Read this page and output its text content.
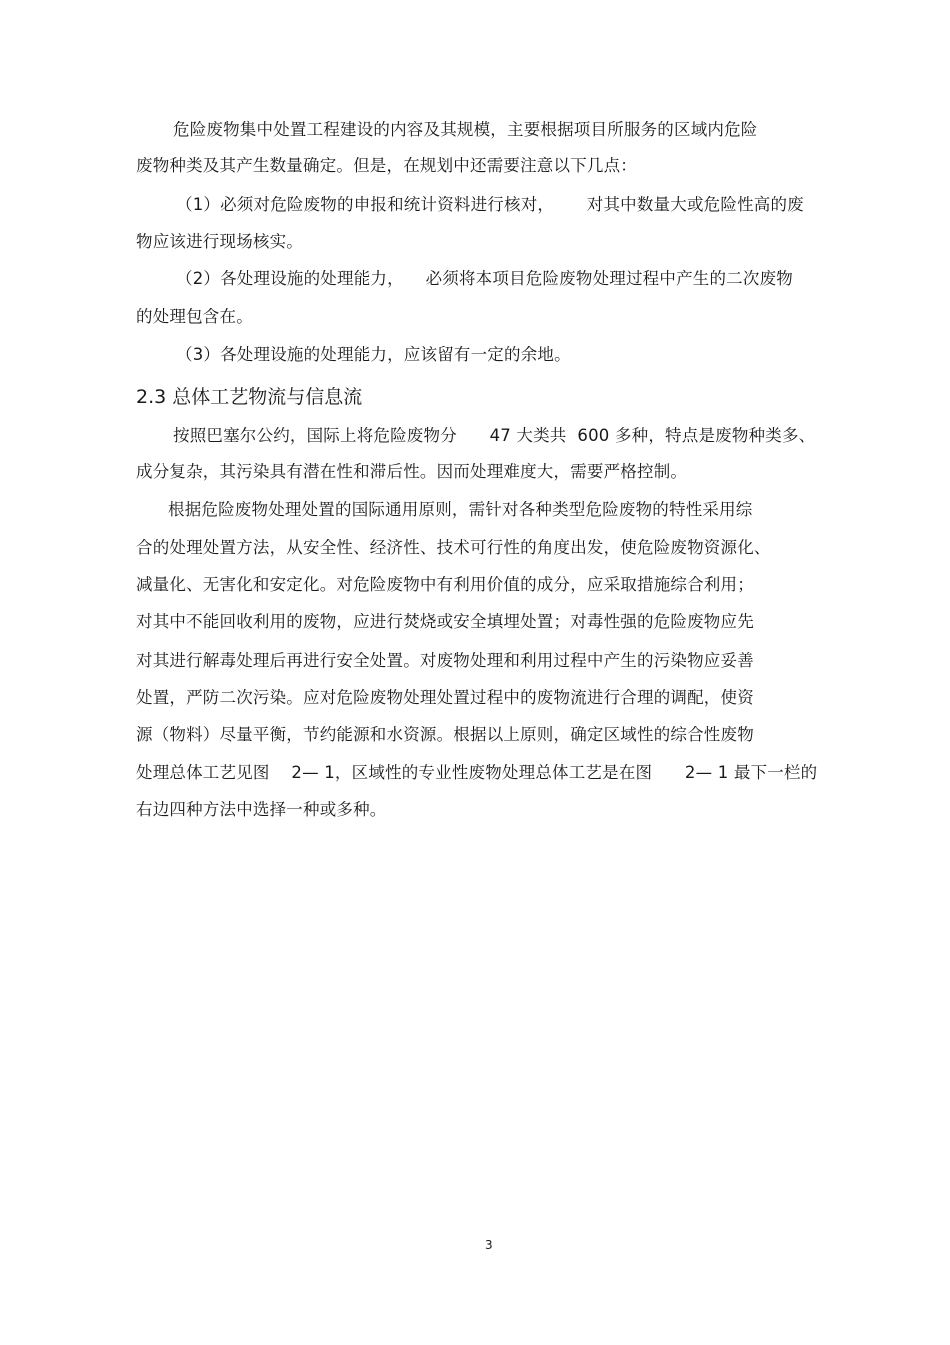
危险废物集中处置工程建设的内容及其规模，主要根据项目所服务的区域内危险
废物种类及其产生数量确定。但是，在规划中还需要注意以下几点：
（1）必须对危险废物的申报和统计资料进行核对，      对其中数量大或危险性高的废
物应该进行现场核实。
（2）各处理设施的处理能力，    必须将本项目危险废物处理过程中产生的二次废物
的处理包含在。
（3）各处理设施的处理能力，应该留有一定的余地。
2.3 总体工艺物流与信息流
按照巴塞尔公约，国际上将危险废物分      47 大类共  600 多种，特点是废物种类多、
成分复杂，其污染具有潜在性和滞后性。因而处理难度大，需要严格控制。
根据危险废物处理处置的国际通用原则，需针对各种类型危险废物的特性采用综
合的处理处置方法，从安全性、经济性、技术可行性的角度出发，使危险废物资源化、
减量化、无害化和安定化。对危险废物中有利用价值的成分，应采取措施综合利用；
对其中不能回收利用的废物，应进行焚烧或安全填埋处置；对毒性强的危险废物应先
对其进行解毒处理后再进行安全处置。对废物处理和利用过程中产生的污染物应妥善
处置，严防二次污染。应对危险废物处理处置过程中的废物流进行合理的调配，使资
源（物料）尽量平衡，节约能源和水资源。根据以上原则，确定区域性的综合性废物
处理总体工艺见图    2— 1，区域性的专业性废物处理总体工艺是在图      2— 1 最下一栏的
右边四种方法中选择一种或多种。
3
